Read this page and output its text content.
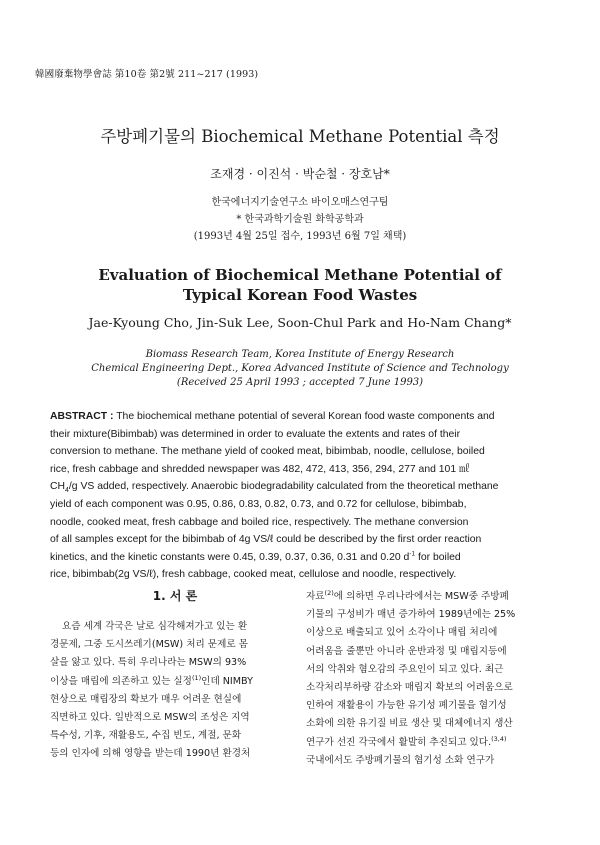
韓國廢棄物學會誌 第10卷 第2號 211~217 (1993)
주방폐기물의 Biochemical Methane Potential 측정
조재경 · 이진석 · 박순철 · 장호남*
한국에너지기술연구소 바이오매스연구팀
* 한국과학기술원 화학공학과
(1993년 4월 25일 접수, 1993년 6월 7일 채택)
Evaluation of Biochemical Methane Potential of
Typical Korean Food Wastes
Jae-Kyoung Cho, Jin-Suk Lee, Soon-Chul Park and Ho-Nam Chang*
Biomass Research Team, Korea Institute of Energy Research
Chemical Engineering Dept., Korea Advanced Institute of Science and Technology
(Received 25 April 1993 ; accepted 7 June 1993)
ABSTRACT : The biochemical methane potential of several Korean food waste components and
their mixture(Bibimbab) was determined in order to evaluate the extents and rates of their
conversion to methane. The methane yield of cooked meat, bibimbab, noodle, cellulose, boiled
rice, fresh cabbage and shredded newspaper was 482, 472, 413, 356, 294, 277 and 101 ㎖
$CH_4/g$ VS added, respectively. Anaerobic biodegradability calculated from the theoretical methane
yield of each component was 0.95, 0.86, 0.83, 0.82, 0.73, and 0.72 for cellulose, bibimbab,
noodle, cooked meat, fresh cabbage and boiled rice, respectively. The methane conversion
of all samples except for the bibimbab of 4g VS/ℓ could be described by the first order reaction
kinetics, and the kinetic constants were 0.45, 0.39, 0.37, 0.36, 0.31 and 0.20 $d^{-1}$ for boiled
rice, bibimbab(2g VS/ℓ), fresh cabbage, cooked meat, cellulose and noodle, respectively.
1. 서 론
요즘 세계 각국은 날로 심각해져가고 있는 환
경문제, 그중 도시쓰레기(MSW) 처리 문제로 몸
살을 앓고 있다. 특히 우리나라는 MSW의 93%
이상을 매립에 의존하고 있는 실정$^{(1)}$인데 NIMBY
현상으로 매립장의 확보가 매우 어려운 현실에
직면하고 있다. 일반적으로 MSW의 조성은 지역
특수성, 기후, 재활용도, 수집 빈도, 계절, 문화
등의 인자에 의해 영향을 받는데 1990년 환경처
자료$^{(2)}$에 의하면 우리나라에서는 MSW중 주방폐
기물의 구성비가 매년 증가하여 1989년에는 25%
이상으로 배출되고 있어 소각이나 매립 처리에
어려움을 줄뿐만 아니라 운반과정 및 매립지등에
서의 악취와 혐오감의 주요인이 되고 있다. 최근
소각처리부하량 감소와 매립지 확보의 어려움으로
인하여 재활용이 가능한 유기성 폐기물을 혐기성
소화에 의한 유기질 비료 생산 및 대체에너지 생산
연구가 선진 각국에서 활발히 추진되고 있다.$^{(3,4)}$
국내에서도 주방폐기물의 혐기성 소화 연구가
